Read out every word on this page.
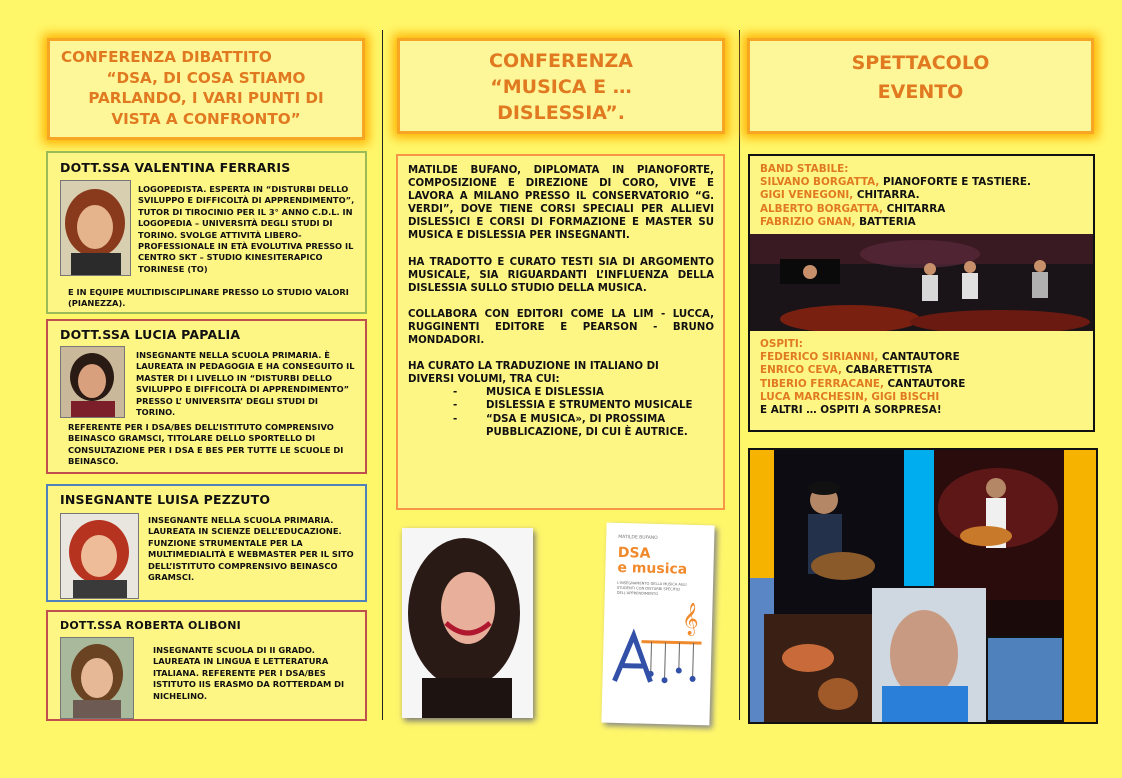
CONFERENZA DIBATTITO
“DSA, DI COSA STIAMO
PARLANDO, I VARI PUNTI DI
VISTA A CONFRONTO”
DOTT.SSA VALENTINA FERRARIS
LOGOPEDISTA. ESPERTA IN “DISTURBI DELLO SVILUPPO E DIFFICOLTÀ DI APPRENDIMENTO”, TUTOR DI TIROCINIO PER IL 3° ANNO C.D.L. IN LOGOPEDIA – UNIVERSITÀ DEGLI STUDI DI TORINO. SVOLGE ATTIVITÀ LIBERO-PROFESSIONALE IN ETÀ EVOLUTIVA PRESSO IL CENTRO SKT – STUDIO KINESITERAPICO TORINESE (TO)
E IN EQUIPE MULTIDISCIPLINARE PRESSO LO STUDIO VALORI (PIANEZZA).
DOTT.SSA LUCIA PAPALIA
INSEGNANTE NELLA SCUOLA PRIMARIA. È LAUREATA IN PEDAGOGIA E HA CONSEGUITO IL MASTER DI I LIVELLO IN “DISTURBI DELLO SVILUPPO E DIFFICOLTÀ DI APPRENDIMENTO” PRESSO L’ UNIVERSITA’ DEGLI STUDI DI TORINO.
REFERENTE PER I DSA/BES DELL’ISTITUTO COMPRENSIVO BEINASCO GRAMSCI, TITOLARE DELLO SPORTELLO DI CONSULTAZIONE PER I DSA E BES PER TUTTE LE SCUOLE DI BEINASCO.
INSEGNANTE LUISA PEZZUTO
INSEGNANTE NELLA SCUOLA PRIMARIA. LAUREATA IN SCIENZE DELL’EDUCAZIONE. FUNZIONE STRUMENTALE PER LA MULTIMEDIALITÀ E WEBMASTER PER IL SITO DELL’ISTITUTO COMPRENSIVO BEINASCO GRAMSCI.
DOTT.SSA ROBERTA OLIBONI
INSEGNANTE SCUOLA DI II GRADO. LAUREATA IN LINGUA E LETTERATURA ITALIANA. REFERENTE PER I DSA/BES ISTITUTO IIS ERASMO DA ROTTERDAM DI NICHELINO.
CONFERENZA
“MUSICA E …
DISLESSIA”.

MATILDE BUFANO, DIPLOMATA IN PIANOFORTE, COMPOSIZIONE E DIREZIONE DI CORO, VIVE E LAVORA A MILANO PRESSO IL CONSERVATORIO “G. VERDI”, DOVE TIENE CORSI SPECIALI PER ALLIEVI DISLESSICI E CORSI DI FORMAZIONE E MASTER SU MUSICA E DISLESSIA PER INSEGNANTI.

HA TRADOTTO E CURATO TESTI SIA DI ARGOMENTO MUSICALE, SIA RIGUARDANTI L’INFLUENZA DELLA DISLESSIA SULLO STUDIO DELLA MUSICA.

COLLABORA CON EDITORI COME LA LIM - LUCCA, RUGGINENTI EDITORE E PEARSON - BRUNO MONDADORI.

HA CURATO LA TRADUZIONE IN ITALIANO DI DIVERSI VOLUMI, TRA CUI:
- MUSICA E DISLESSIA
- DISLESSIA E STRUMENTO MUSICALE
- “DSA E MUSICA», DI PROSSIMA PUBBLICAZIONE, DI CUI È AUTRICE.
MATILDE BUFANO
DSA
e musica
L'INSEGNAMENTO DELLA MUSICA AGLI STUDENTI CON DISTURBI SPECIFICI DELL'APPRENDIMENTO
𝄞
SPETTACOLO
EVENTO
BAND STABILE:
SILVANO BORGATTA, PIANOFORTE E TASTIERE.
GIGI VENEGONI, CHITARRA.
ALBERTO BORGATTA, CHITARRA
FABRIZIO GNAN, BATTERIA
OSPITI:
FEDERICO SIRIANNI, CANTAUTORE
ENRICO CEVA, CABARETTISTA
TIBERIO FERRACANE, CANTAUTORE
LUCA MARCHESIN, GIGI BISCHI
E ALTRI … OSPITI A SORPRESA!
